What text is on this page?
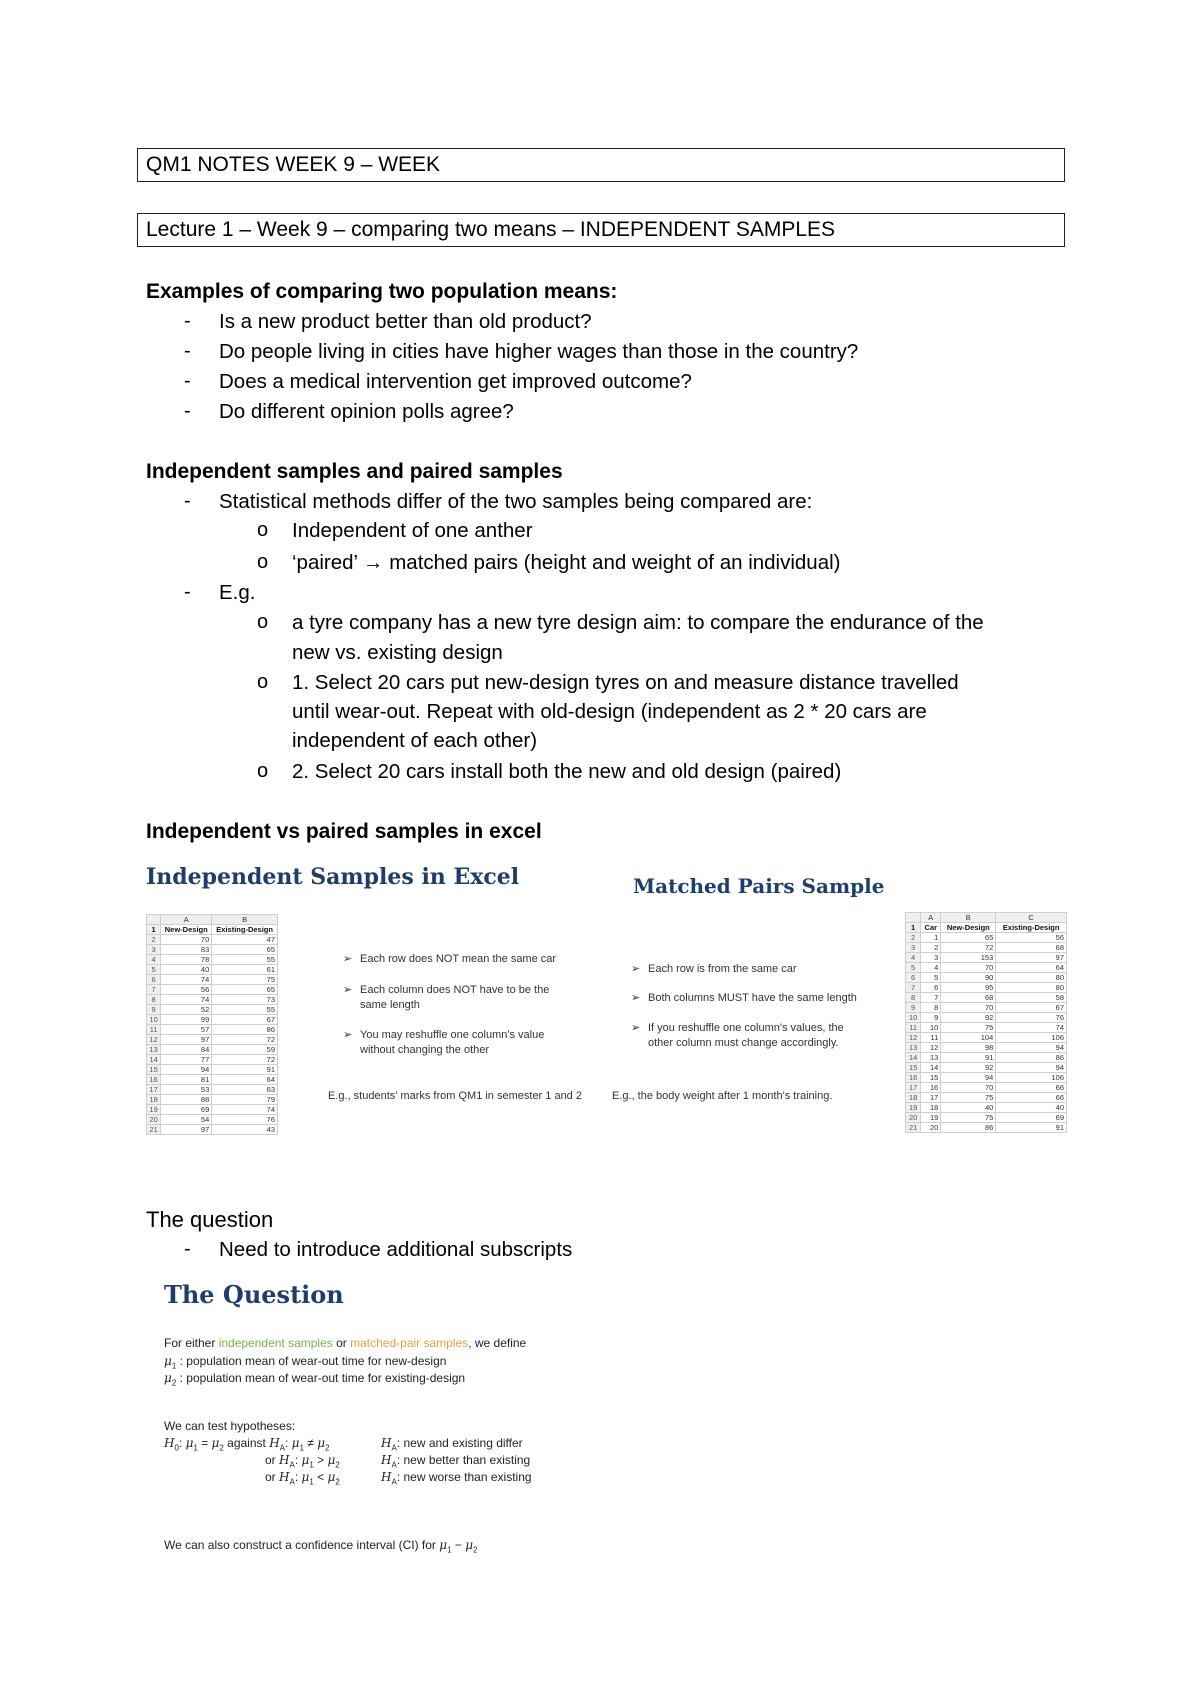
QM1 NOTES WEEK 9 – WEEK
Lecture 1 – Week 9 – comparing two means – INDEPENDENT SAMPLES
Examples of comparing two population means:
- Is a new product better than old product?
- Do people living in cities have higher wages than those in the country?
- Does a medical intervention get improved outcome?
- Do different opinion polls agree?
Independent samples and paired samples
- Statistical methods differ of the two samples being compared are:
o Independent of one anther
o ‘paired’ → matched pairs (height and weight of an individual)
- E.g.
o a tyre company has a new tyre design aim: to compare the endurance of the
new vs. existing design
o 1. Select 20 cars put new-design tyres on and measure distance travelled
until wear-out. Repeat with old-design (independent as 2 * 20 cars are
independent of each other)
o 2. Select 20 cars install both the new and old design (paired)
Independent vs paired samples in excel
Independent Samples in Excel
	A	B
1	New-Design	Existing-Design
2	70	47
3	83	65
4	78	55
5	40	61
6	74	75
7	56	65
8	74	73
9	52	55
10	99	67
11	57	86
12	97	72
13	84	59
14	77	72
15	94	91
16	81	64
17	53	63
18	88	79
19	69	74
20	54	76
21	97	43
➢ Each row does NOT mean the same car
➢ Each column does NOT have to be the
same length
➢ You may reshuffle one column's value
without changing the other
E.g., students' marks from QM1 in semester 1 and 2
Matched Pairs Sample
➢ Each row is from the same car
➢ Both columns MUST have the same length
➢ If you reshuffle one column's values, the
other column must change accordingly.
E.g., the body weight after 1 month's training.
	A	B	C
1	Car	New-Design	Existing-Design
2	1	65	56
3	2	72	68
4	3	153	97
5	4	70	64
6	5	90	80
7	6	95	80
8	7	68	58
9	8	70	67
10	9	92	76
11	10	75	74
12	11	104	106
13	12	98	94
14	13	91	86
15	14	92	94
16	15	94	106
17	16	70	66
18	17	75	66
19	18	40	40
20	19	75	69
21	20	86	91
The question
- Need to introduce additional subscripts
The Question
For either independent samples or matched-pair samples, we define
$\mu_1$ : population mean of wear-out time for new-design
$\mu_2$ : population mean of wear-out time for existing-design
We can test hypotheses:
$H_0$: $\mu_1 = \mu_2$ against $H_A$: $\mu_1 \ne \mu_2$
or $H_A$: $\mu_1 > \mu_2$
or $H_A$: $\mu_1 < \mu_2$
$H_A$: new and existing differ
$H_A$: new better than existing
$H_A$: new worse than existing
We can also construct a confidence interval (CI) for $\mu_1 - \mu_2$
